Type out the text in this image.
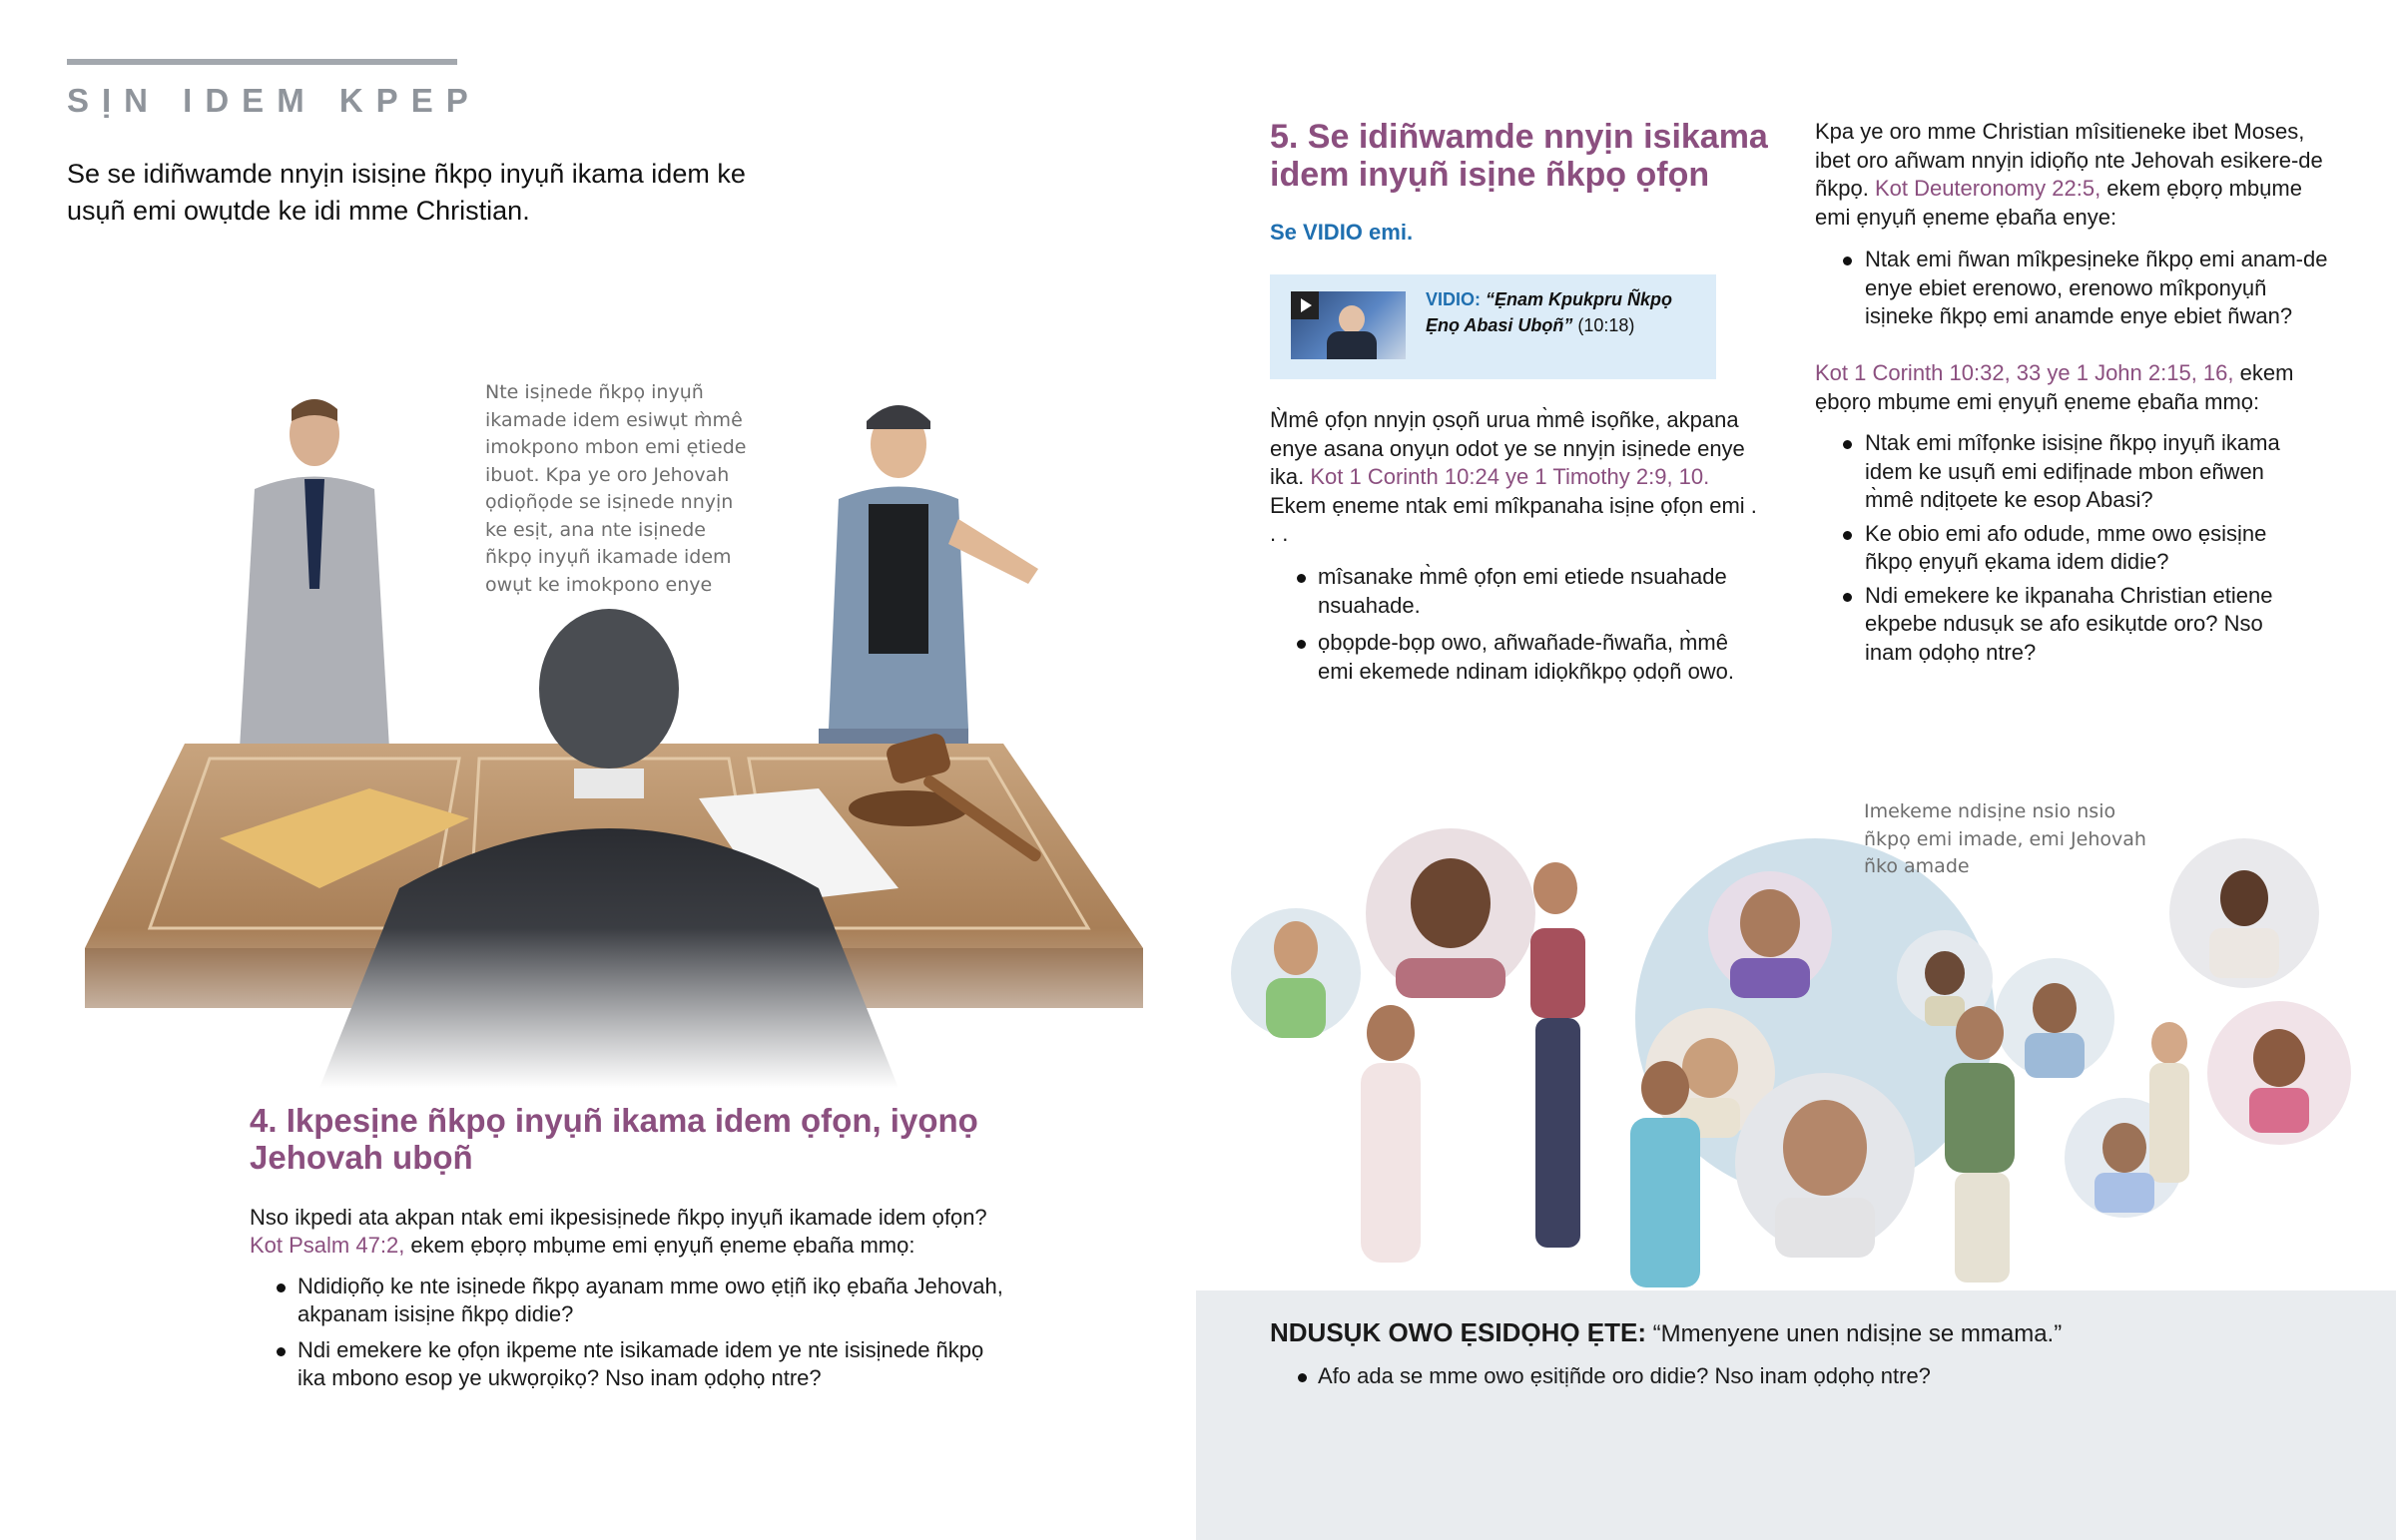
SỊN IDEM KPEP
Se se idiñwamde nnyịn isisịne ñkpọ inyụñ ikama idem ke usụñ emi owụtde ke idi mme Christian.
Nte isịnede ñkpọ inyụñ ikamade idem esiwụt m̀mê imokpono mbon emi ẹtiede ibuot. Kpa ye oro Jehovah ọdiọñọde se isịnede nnyịn ke esịt, ana nte isịnede ñkpọ inyụñ ikamade idem owụt ke imokpono enye
4. Ikpesịne ñkpọ inyụñ ikama idem ọfọn, iyọnọ Jehovah ubọñ
Nso ikpedi ata akpan ntak emi ikpesisịnede ñkpọ inyụñ ikamade idem ọfọn? Kot Psalm 47:2, ekem ẹbọrọ mbụme emi ẹnyụñ ẹneme ẹbaña mmọ:
Ndidiọñọ ke nte isịnede ñkpọ ayanam mme owo ẹtịñ ikọ ẹbaña Jehovah, akpanam isisịne ñkpọ didie?
Ndi emekere ke ọfọn ikpeme nte isikamade idem ye nte isisịnede ñkpọ ika mbono esop ye ukwọrọikọ? Nso inam ọdọhọ ntre?
5. Se idiñwamde nnyịn isikama idem inyụñ isịne ñkpọ ọfọn
Se VIDIO emi.
VIDIO: “Ẹnam Kpukpru Ñkpọ Ẹnọ Abasi Ubọñ” (10:18)
M̀mê ọfọn nnyịn ọsọñ urua m̀mê isọñke, akpana enye asana onyụn odot ye se nnyịn isịnede enye ika. Kot 1 Corinth 10:24 ye 1 Timothy 2:9, 10. Ekem ẹneme ntak emi mîkpanaha isịne ọfọn emi . . .
mîsanake m̀mê ọfọn emi etiede nsuahade nsuahade.
ọbọpde-bọp owo, añwañade-ñwaña, m̀mê emi ekemede ndinam idiọkñkpọ ọdọñ owo.
Kpa ye oro mme Christian mîsitieneke ibet Moses, ibet oro añwam nnyịn idiọñọ nte Jehovah esikere-de ñkpọ. Kot Deuteronomy 22:5, ekem ẹbọrọ mbụme emi ẹnyụñ ẹneme ẹbaña enye:
Ntak emi ñwan mîkpesịneke ñkpọ emi anam-de enye ebiet erenowo, erenowo mîkponyụñ isịneke ñkpọ emi anamde enye ebiet ñwan?
Kot 1 Corinth 10:32, 33 ye 1 John 2:15, 16, ekem ẹbọrọ mbụme emi ẹnyụñ ẹneme ẹbaña mmọ:
Ntak emi mîfọnke isisịne ñkpọ inyụñ ikama idem ke usụñ emi edifịnade mbon eñwen m̀mê ndịtọete ke esop Abasi?
Ke obio emi afo odude, mme owo ẹsisịne ñkpọ ẹnyụñ ẹkama idem didie?
Ndi emekere ke ikpanaha Christian etiene ekpebe ndusụk se afo esikụtde oro? Nso inam ọdọhọ ntre?
Imekeme ndisịne nsio nsio ñkpọ emi imade, emi Jehovah ñko amade
NDUSỤK OWO ẸSIDỌHỌ ẸTE: “Mmenyene unen ndisịne se mmama.”
Afo ada se mme owo ẹsitịñde oro didie? Nso inam ọdọhọ ntre?
